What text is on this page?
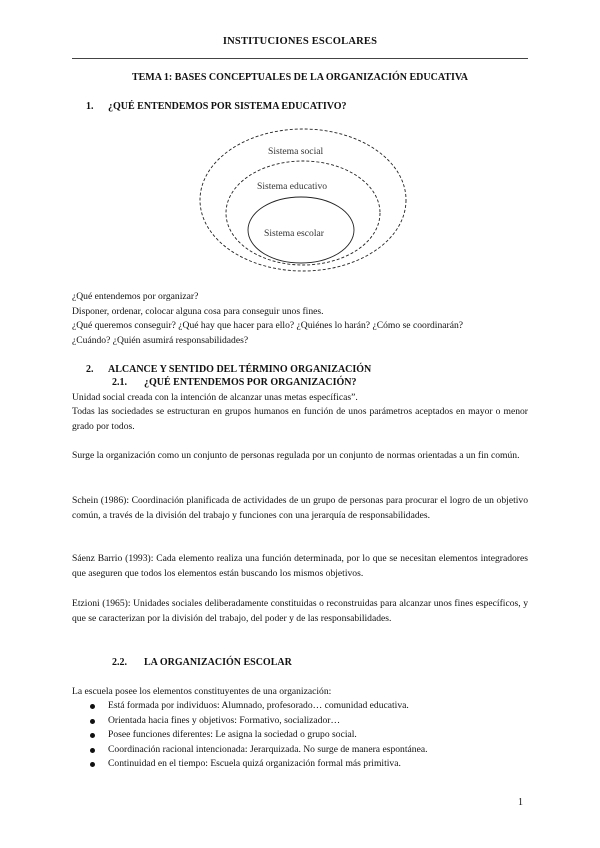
INSTITUCIONES ESCOLARES
TEMA 1: BASES CONCEPTUALES DE LA ORGANIZACIÓN EDUCATIVA
1. ¿QUÉ ENTENDEMOS POR SISTEMA EDUCATIVO?
Sistema social
Sistema educativo
Sistema escolar
¿Qué entendemos por organizar?
Disponer, ordenar, colocar alguna cosa para conseguir unos fines.
¿Qué queremos conseguir? ¿Qué hay que hacer para ello? ¿Quiénes lo harán? ¿Cómo se coordinarán?
¿Cuándo? ¿Quién asumirá responsabilidades?
2. ALCANCE Y SENTIDO DEL TÉRMINO ORGANIZACIÓN
2.1. ¿QUÉ ENTENDEMOS POR ORGANIZACIÓN?
Unidad social creada con la intención de alcanzar unas metas específicas”.
Todas las sociedades se estructuran en grupos humanos en función de unos parámetros aceptados en mayor o menor grado por todos.
Surge la organización como un conjunto de personas regulada por un conjunto de normas orientadas a un fin común.
Schein (1986): Coordinación planificada de actividades de un grupo de personas para procurar el logro de un objetivo común, a través de la división del trabajo y funciones con una jerarquía de responsabilidades.
Sáenz Barrio (1993): Cada elemento realiza una función determinada, por lo que se necesitan elementos integradores que aseguren que todos los elementos están buscando los mismos objetivos.
Etzioni (1965): Unidades sociales deliberadamente constituidas o reconstruidas para alcanzar unos fines específicos, y que se caracterizan por la división del trabajo, del poder y de las responsabilidades.
2.2. LA ORGANIZACIÓN ESCOLAR
La escuela posee los elementos constituyentes de una organización:
Está formada por individuos: Alumnado, profesorado… comunidad educativa.
Orientada hacia fines y objetivos: Formativo, socializador…
Posee funciones diferentes: Le asigna la sociedad o grupo social.
Coordinación racional intencionada: Jerarquizada. No surge de manera espontánea.
Continuidad en el tiempo: Escuela quizá organización formal más primitiva.
1
